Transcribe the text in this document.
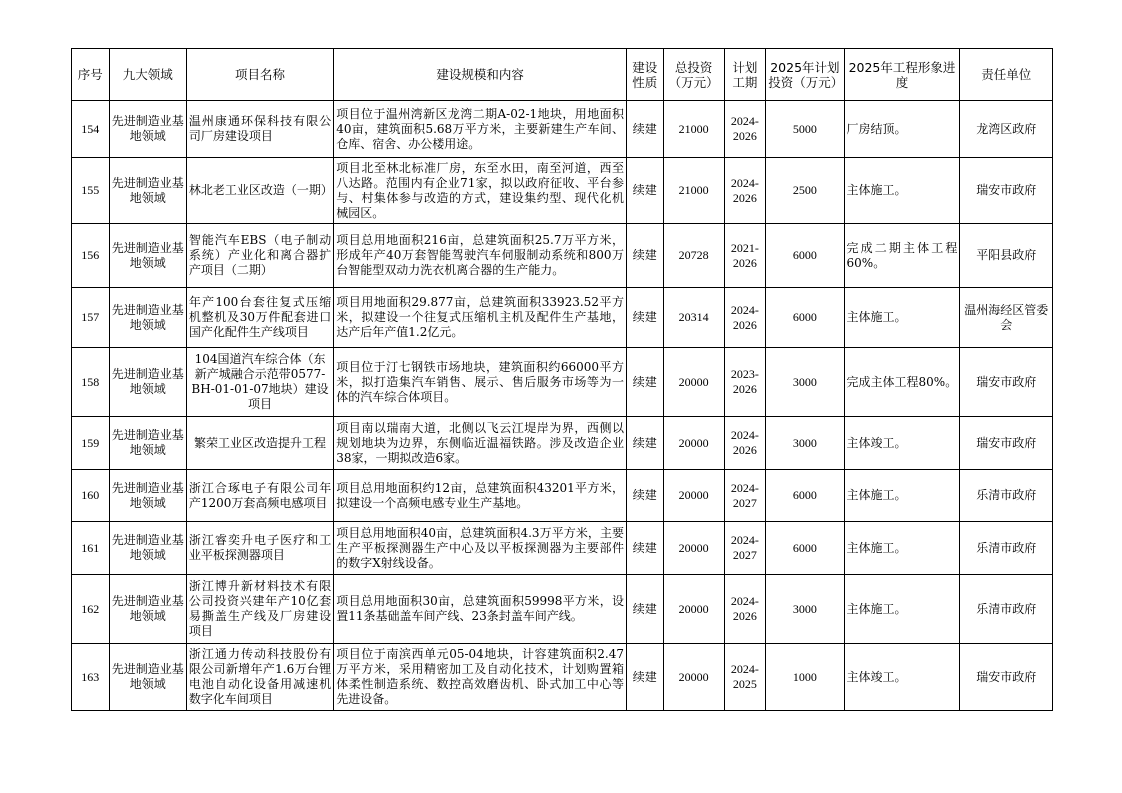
序号	九大领域	项目名称	建设规模和内容	建设性质	总投资（万元）	计划工期	2025年计划投资（万元）	2025年工程形象进度	责任单位
154	先进制造业基地领域	温州康通环保科技有限公司厂房建设项目	项目位于温州湾新区龙湾二期A-02-1地块，用地面积40亩，建筑面积5.68万平方米，主要新建生产车间、仓库、宿舍、办公楼用途。	续建	21000	2024-2026	5000	厂房结顶。	龙湾区政府
155	先进制造业基地领域	林北老工业区改造（一期）	项目北至林北标准厂房，东至水田，南至河道，西至八达路。范围内有企业71家，拟以政府征收、平台参与、村集体参与改造的方式，建设集约型、现代化机械园区。	续建	21000	2024-2026	2500	主体施工。	瑞安市政府
156	先进制造业基地领域	智能汽车EBS（电子制动系统）产业化和离合器扩产项目（二期）	项目总用地面积216亩，总建筑面积25.7万平方米，形成年产40万套智能驾驶汽车伺服制动系统和800万台智能型双动力洗衣机离合器的生产能力。	续建	20728	2021-2026	6000	完成二期主体工程60%。	平阳县政府
157	先进制造业基地领域	年产100台套往复式压缩机整机及30万件配套进口国产化配件生产线项目	项目用地面积29.877亩，总建筑面积33923.52平方米，拟建设一个往复式压缩机主机及配件生产基地，达产后年产值1.2亿元。	续建	20314	2024-2026	6000	主体施工。	温州海经区管委会
158	先进制造业基地领域	104国道汽车综合体（东新产城融合示范带0577-BH-01-01-07地块）建设项目	项目位于汀七钢铁市场地块，建筑面积约66000平方米，拟打造集汽车销售、展示、售后服务市场等为一体的汽车综合体项目。	续建	20000	2023-2026	3000	完成主体工程80%。	瑞安市政府
159	先进制造业基地领域	繁荣工业区改造提升工程	项目南以瑞南大道，北侧以飞云江堤岸为界，西侧以规划地块为边界，东侧临近温福铁路。涉及改造企业38家，一期拟改造6家。	续建	20000	2024-2026	3000	主体竣工。	瑞安市政府
160	先进制造业基地领域	浙江合琢电子有限公司年产1200万套高频电感项目	项目总用地面积约12亩，总建筑面积43201平方米，拟建设一个高频电感专业生产基地。	续建	20000	2024-2027	6000	主体施工。	乐清市政府
161	先进制造业基地领域	浙江睿奕升电子医疗和工业平板探测器项目	项目总用地面积40亩，总建筑面积4.3万平方米，主要生产平板探测器生产中心及以平板探测器为主要部件的数字X射线设备。	续建	20000	2024-2027	6000	主体施工。	乐清市政府
162	先进制造业基地领域	浙江博升新材料技术有限公司投资兴建年产10亿套易撕盖生产线及厂房建设项目	项目总用地面积30亩，总建筑面积59998平方米，设置11条基础盖车间产线、23条封盖车间产线。	续建	20000	2024-2026	3000	主体施工。	乐清市政府
163	先进制造业基地领域	浙江通力传动科技股份有限公司新增年产1.6万台锂电池自动化设备用减速机数字化车间项目	项目位于南滨西单元05-04地块，计容建筑面积2.47万平方米，采用精密加工及自动化技术，计划购置箱体柔性制造系统、数控高效磨齿机、卧式加工中心等先进设备。	续建	20000	2024-2025	1000	主体竣工。	瑞安市政府
